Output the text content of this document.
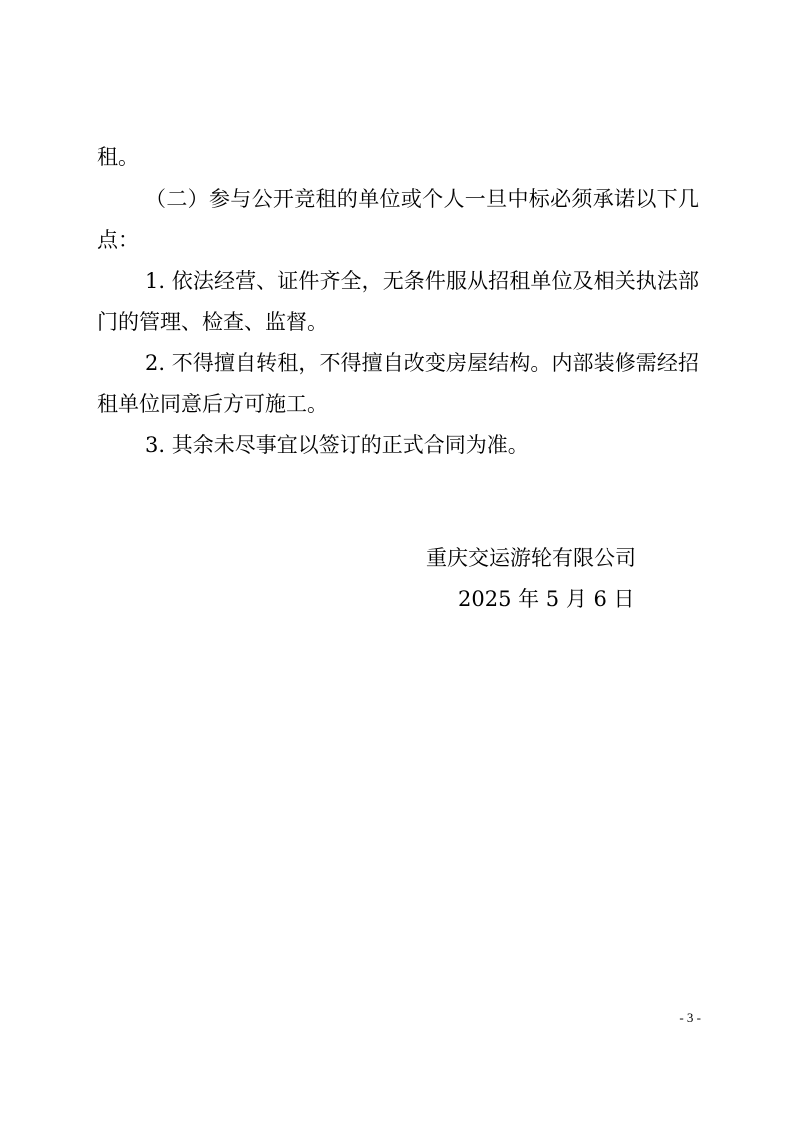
租。
（二）参与公开竞租的单位或个人一旦中标必须承诺以下几
点：
1. 依法经营、证件齐全，无条件服从招租单位及相关执法部
门的管理、检查、监督。
2. 不得擅自转租，不得擅自改变房屋结构。内部装修需经招
租单位同意后方可施工。
3. 其余未尽事宜以签订的正式合同为准。
重庆交运游轮有限公司
2025 年 5 月 6 日
- 3 -
